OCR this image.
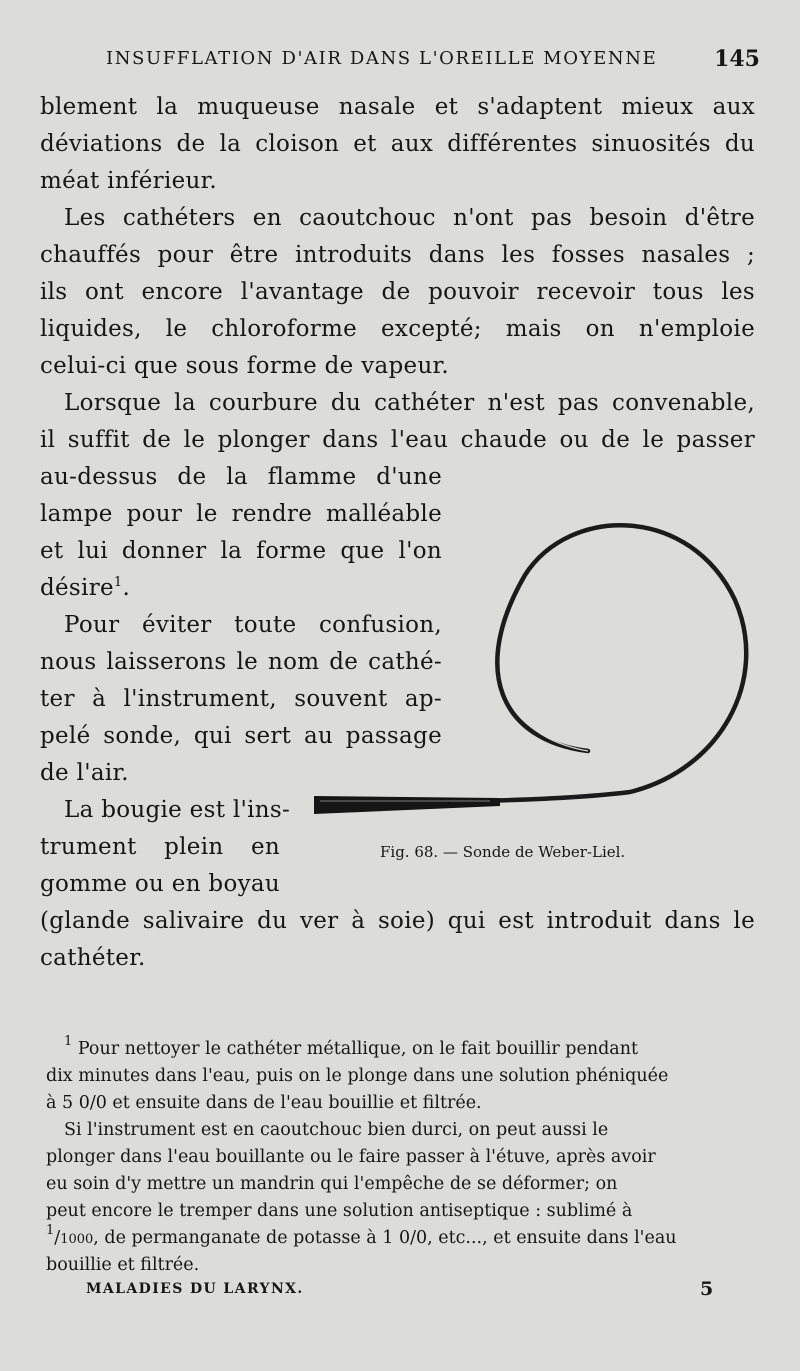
INSUFFLATION D'AIR DANS L'OREILLE MOYENNE	145
blement la muqueuse nasale et s'adaptent mieux aux
déviations de la cloison et aux différentes sinuosités du
méat inférieur.
Les cathéters en caoutchouc n'ont pas besoin d'être
chauffés pour être introduits dans les fosses nasales ;
ils ont encore l'avantage de pouvoir recevoir tous les
liquides, le chloroforme excepté; mais on n'emploie
celui-ci que sous forme de vapeur.
Lorsque la courbure du cathéter n'est pas convenable,
il suffit de le plonger dans l'eau chaude ou de le passer
au-dessus de la flamme d'une
lampe pour le rendre malléable
et lui donner la forme que l'on
désire$^1$.
Pour éviter toute confusion,
nous laisserons le nom de cathé-
ter à l'instrument, souvent ap-
pelé sonde, qui sert au passage
de l'air.
La bougie est l'ins-
trument plein en
gomme ou en boyau
(glande salivaire du ver à soie) qui est introduit dans le
cathéter.
Fig. 68. — Sonde de Weber-Liel.
$^1$ Pour nettoyer le cathéter métallique, on le fait bouillir pendant
dix minutes dans l'eau, puis on le plonge dans une solution phéniquée
à 5 0/0 et ensuite dans de l'eau bouillie et filtrée.
Si l'instrument est en caoutchouc bien durci, on peut aussi le
plonger dans l'eau bouillante ou le faire passer à l'étuve, après avoir
eu soin d'y mettre un mandrin qui l'empêche de se déformer; on
peut encore le tremper dans une solution antiseptique : sublimé à
$^1$/1000, de permanganate de potasse à 1 0/0, etc..., et ensuite dans l'eau
bouillie et filtrée.
MALADIES DU LARYNX.	5
